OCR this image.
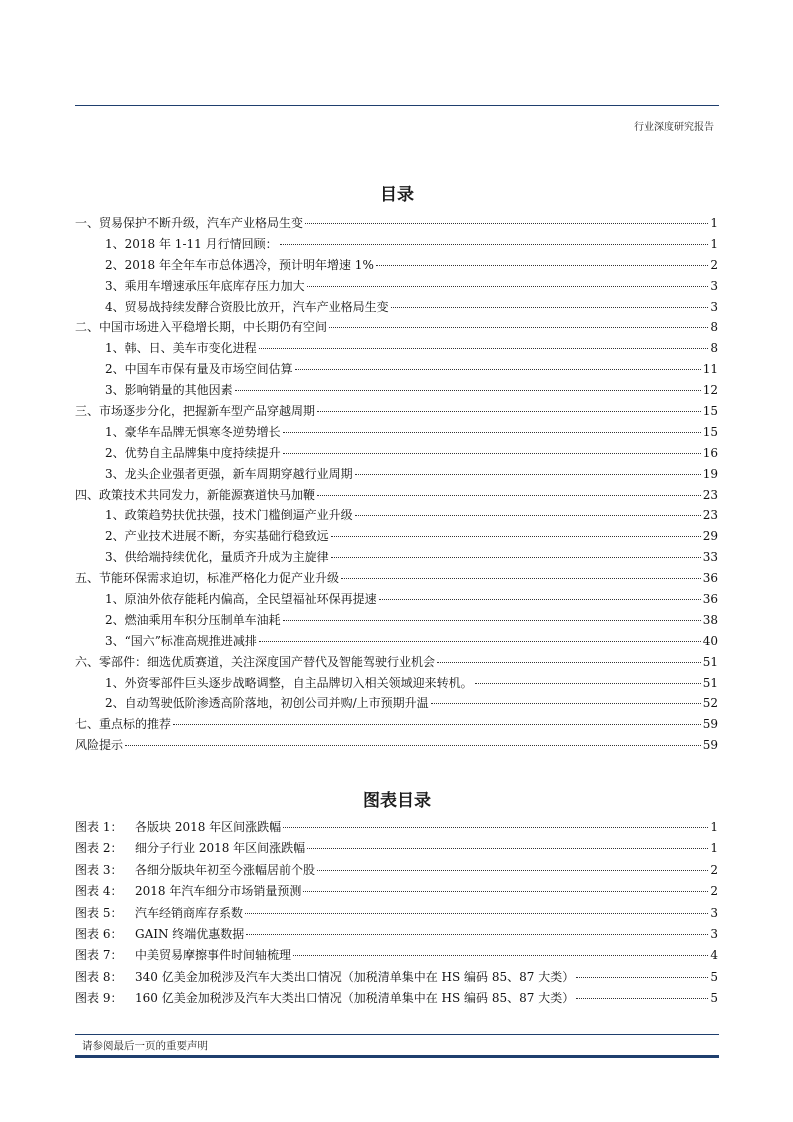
行业深度研究报告
目录
一、贸易保护不断升级，汽车产业格局生变	1
1、2018 年 1-11 月行情回顾：	1
2、2018 年全年车市总体遇冷，预计明年增速 1%	2
3、乘用车增速承压年底库存压力加大	3
4、贸易战持续发酵合资股比放开，汽车产业格局生变	3
二、中国市场进入平稳增长期，中长期仍有空间	8
1、韩、日、美车市变化进程	8
2、中国车市保有量及市场空间估算	11
3、影响销量的其他因素	12
三、市场逐步分化，把握新车型产品穿越周期	15
1、豪华车品牌无惧寒冬逆势增长	15
2、优势自主品牌集中度持续提升	16
3、龙头企业强者更强，新车周期穿越行业周期	19
四、政策技术共同发力，新能源赛道快马加鞭	23
1、政策趋势扶优扶强，技术门槛倒逼产业升级	23
2、产业技术进展不断，夯实基础行稳致远	29
3、供给端持续优化，量质齐升成为主旋律	33
五、节能环保需求迫切，标准严格化力促产业升级	36
1、原油外依存能耗内偏高，全民望福祉环保再提速	36
2、燃油乘用车积分压制单车油耗	38
3、“国六”标准高规推进减排	40
六、零部件：细选优质赛道，关注深度国产替代及智能驾驶行业机会	51
1、外资零部件巨头逐步战略调整，自主品牌切入相关领域迎来转机。	51
2、自动驾驶低阶渗透高阶落地，初创公司并购/上市预期升温	52
七、重点标的推荐	59
风险提示	59
图表目录
图表 1：	各版块 2018 年区间涨跌幅	1
图表 2：	细分子行业 2018 年区间涨跌幅	1
图表 3：	各细分版块年初至今涨幅居前个股	2
图表 4：	2018 年汽车细分市场销量预测	2
图表 5：	汽车经销商库存系数	3
图表 6：	GAIN 终端优惠数据	3
图表 7：	中美贸易摩擦事件时间轴梳理	4
图表 8：	340 亿美金加税涉及汽车大类出口情况（加税清单集中在 HS 编码 85、87 大类）	5
图表 9：	160 亿美金加税涉及汽车大类出口情况（加税清单集中在 HS 编码 85、87 大类）	5
请参阅最后一页的重要声明
